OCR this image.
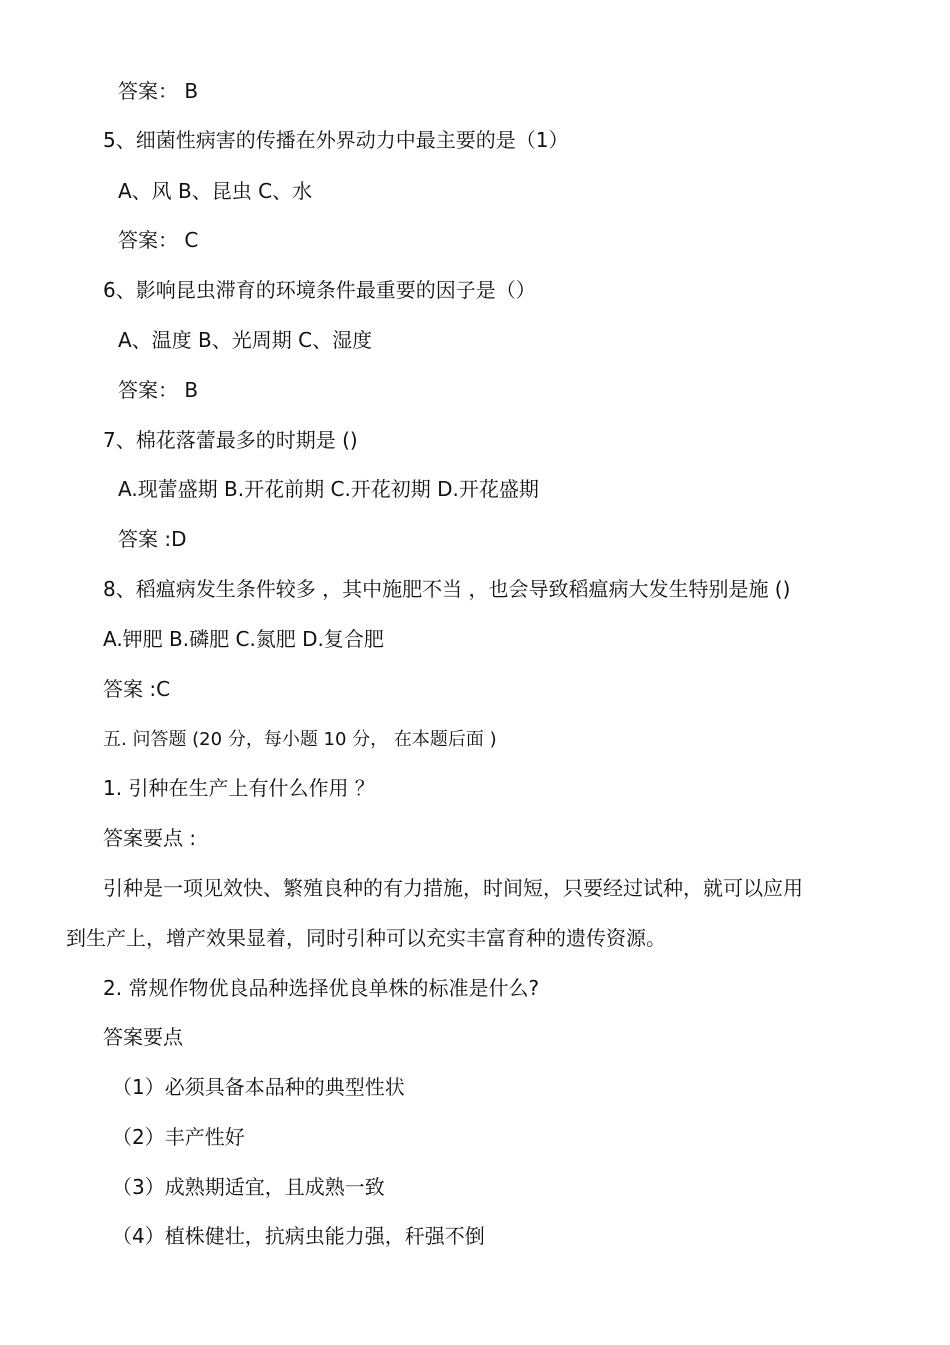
答案： B
5、细菌性病害的传播在外界动力中最主要的是（1）
A、风 B、昆虫 C、水
答案： C
6、影响昆虫滞育的环境条件最重要的因子是（）
A、温度 B、光周期 C、湿度
答案： B
7、棉花落蕾最多的时期是 ()
A.现蕾盛期 B.开花前期 C.开花初期 D.开花盛期
答案 :D
8、稻瘟病发生条件较多 ，其中施肥不当 ，也会导致稻瘟病大发生特别是施 ()
A.钾肥 B.磷肥 C.氮肥 D.复合肥
答案 :C
五. 问答题 (20 分，每小题 10 分， 在本题后面 )
1. 引种在生产上有什么作用 ？
答案要点 :
引种是一项见效快、繁殖良种的有力措施，时间短，只要经过试种，就可以应用
到生产上，增产效果显着，同时引种可以充实丰富育种的遗传资源。
2. 常规作物优良品种选择优良单株的标准是什么?
答案要点
（1）必须具备本品种的典型性状
（2）丰产性好
（3）成熟期适宜，且成熟一致
（4）植株健壮，抗病虫能力强，秆强不倒
